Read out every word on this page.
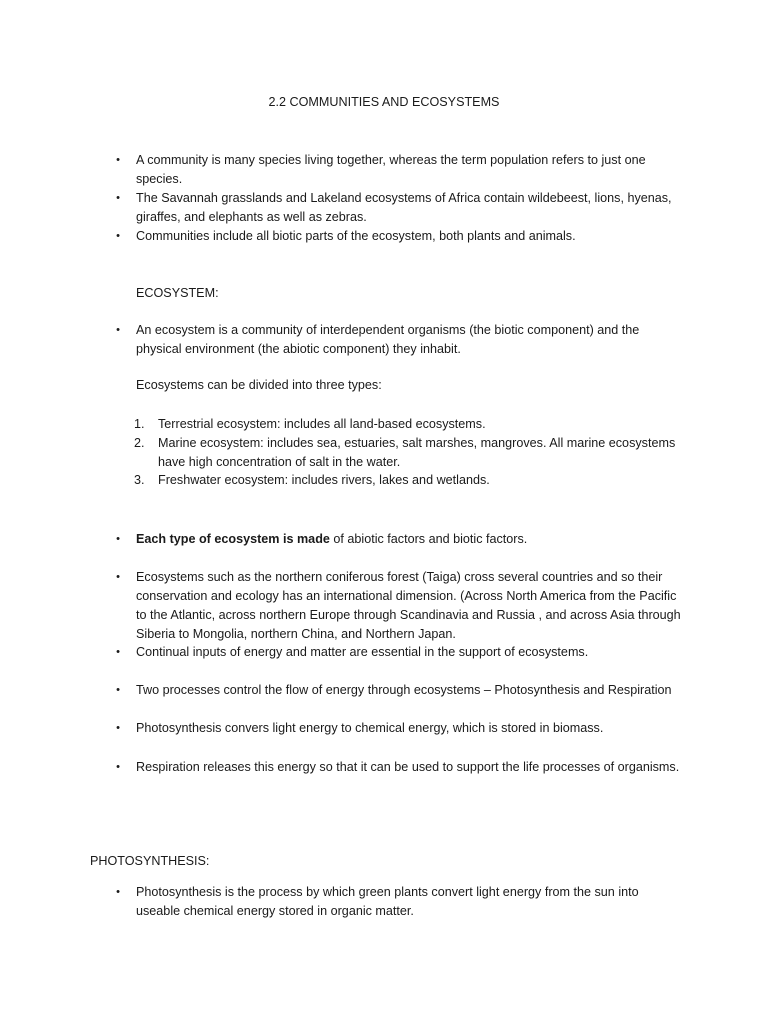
2.2 COMMUNITIES AND ECOSYSTEMS
•	A community is many species living together, whereas the term population refers to just one species.
•	The Savannah grasslands and Lakeland ecosystems of Africa contain wildebeest, lions, hyenas, giraffes, and elephants as well as zebras.
•	Communities include all biotic parts of the ecosystem, both plants and animals.
ECOSYSTEM:
•	An ecosystem is a community of interdependent organisms (the biotic component) and the physical environment (the abiotic component) they inhabit.
Ecosystems can be divided into three types:
1.	Terrestrial ecosystem: includes all land-based ecosystems.
2.	Marine ecosystem: includes sea, estuaries, salt marshes, mangroves. All marine ecosystems have high concentration of salt in the water.
3.	Freshwater ecosystem: includes rivers, lakes and wetlands.
•	Each type of ecosystem is made of abiotic factors and biotic factors.
•	Ecosystems such as the northern coniferous forest (Taiga) cross several countries and so their conservation and ecology has an international dimension. (Across North America from the Pacific to the Atlantic, across northern Europe through Scandinavia and Russia , and across Asia through Siberia to Mongolia, northern China, and Northern Japan.
•	Continual inputs of energy and matter are essential in the support of ecosystems.
•	Two processes control the flow of energy through ecosystems – Photosynthesis and Respiration
•	Photosynthesis convers light energy to chemical energy, which is stored in biomass.
•	Respiration releases this energy so that it can be used to support the life processes of organisms.
PHOTOSYNTHESIS:
•	Photosynthesis is the process by which green plants convert light energy from the sun into useable chemical energy stored in organic matter.
